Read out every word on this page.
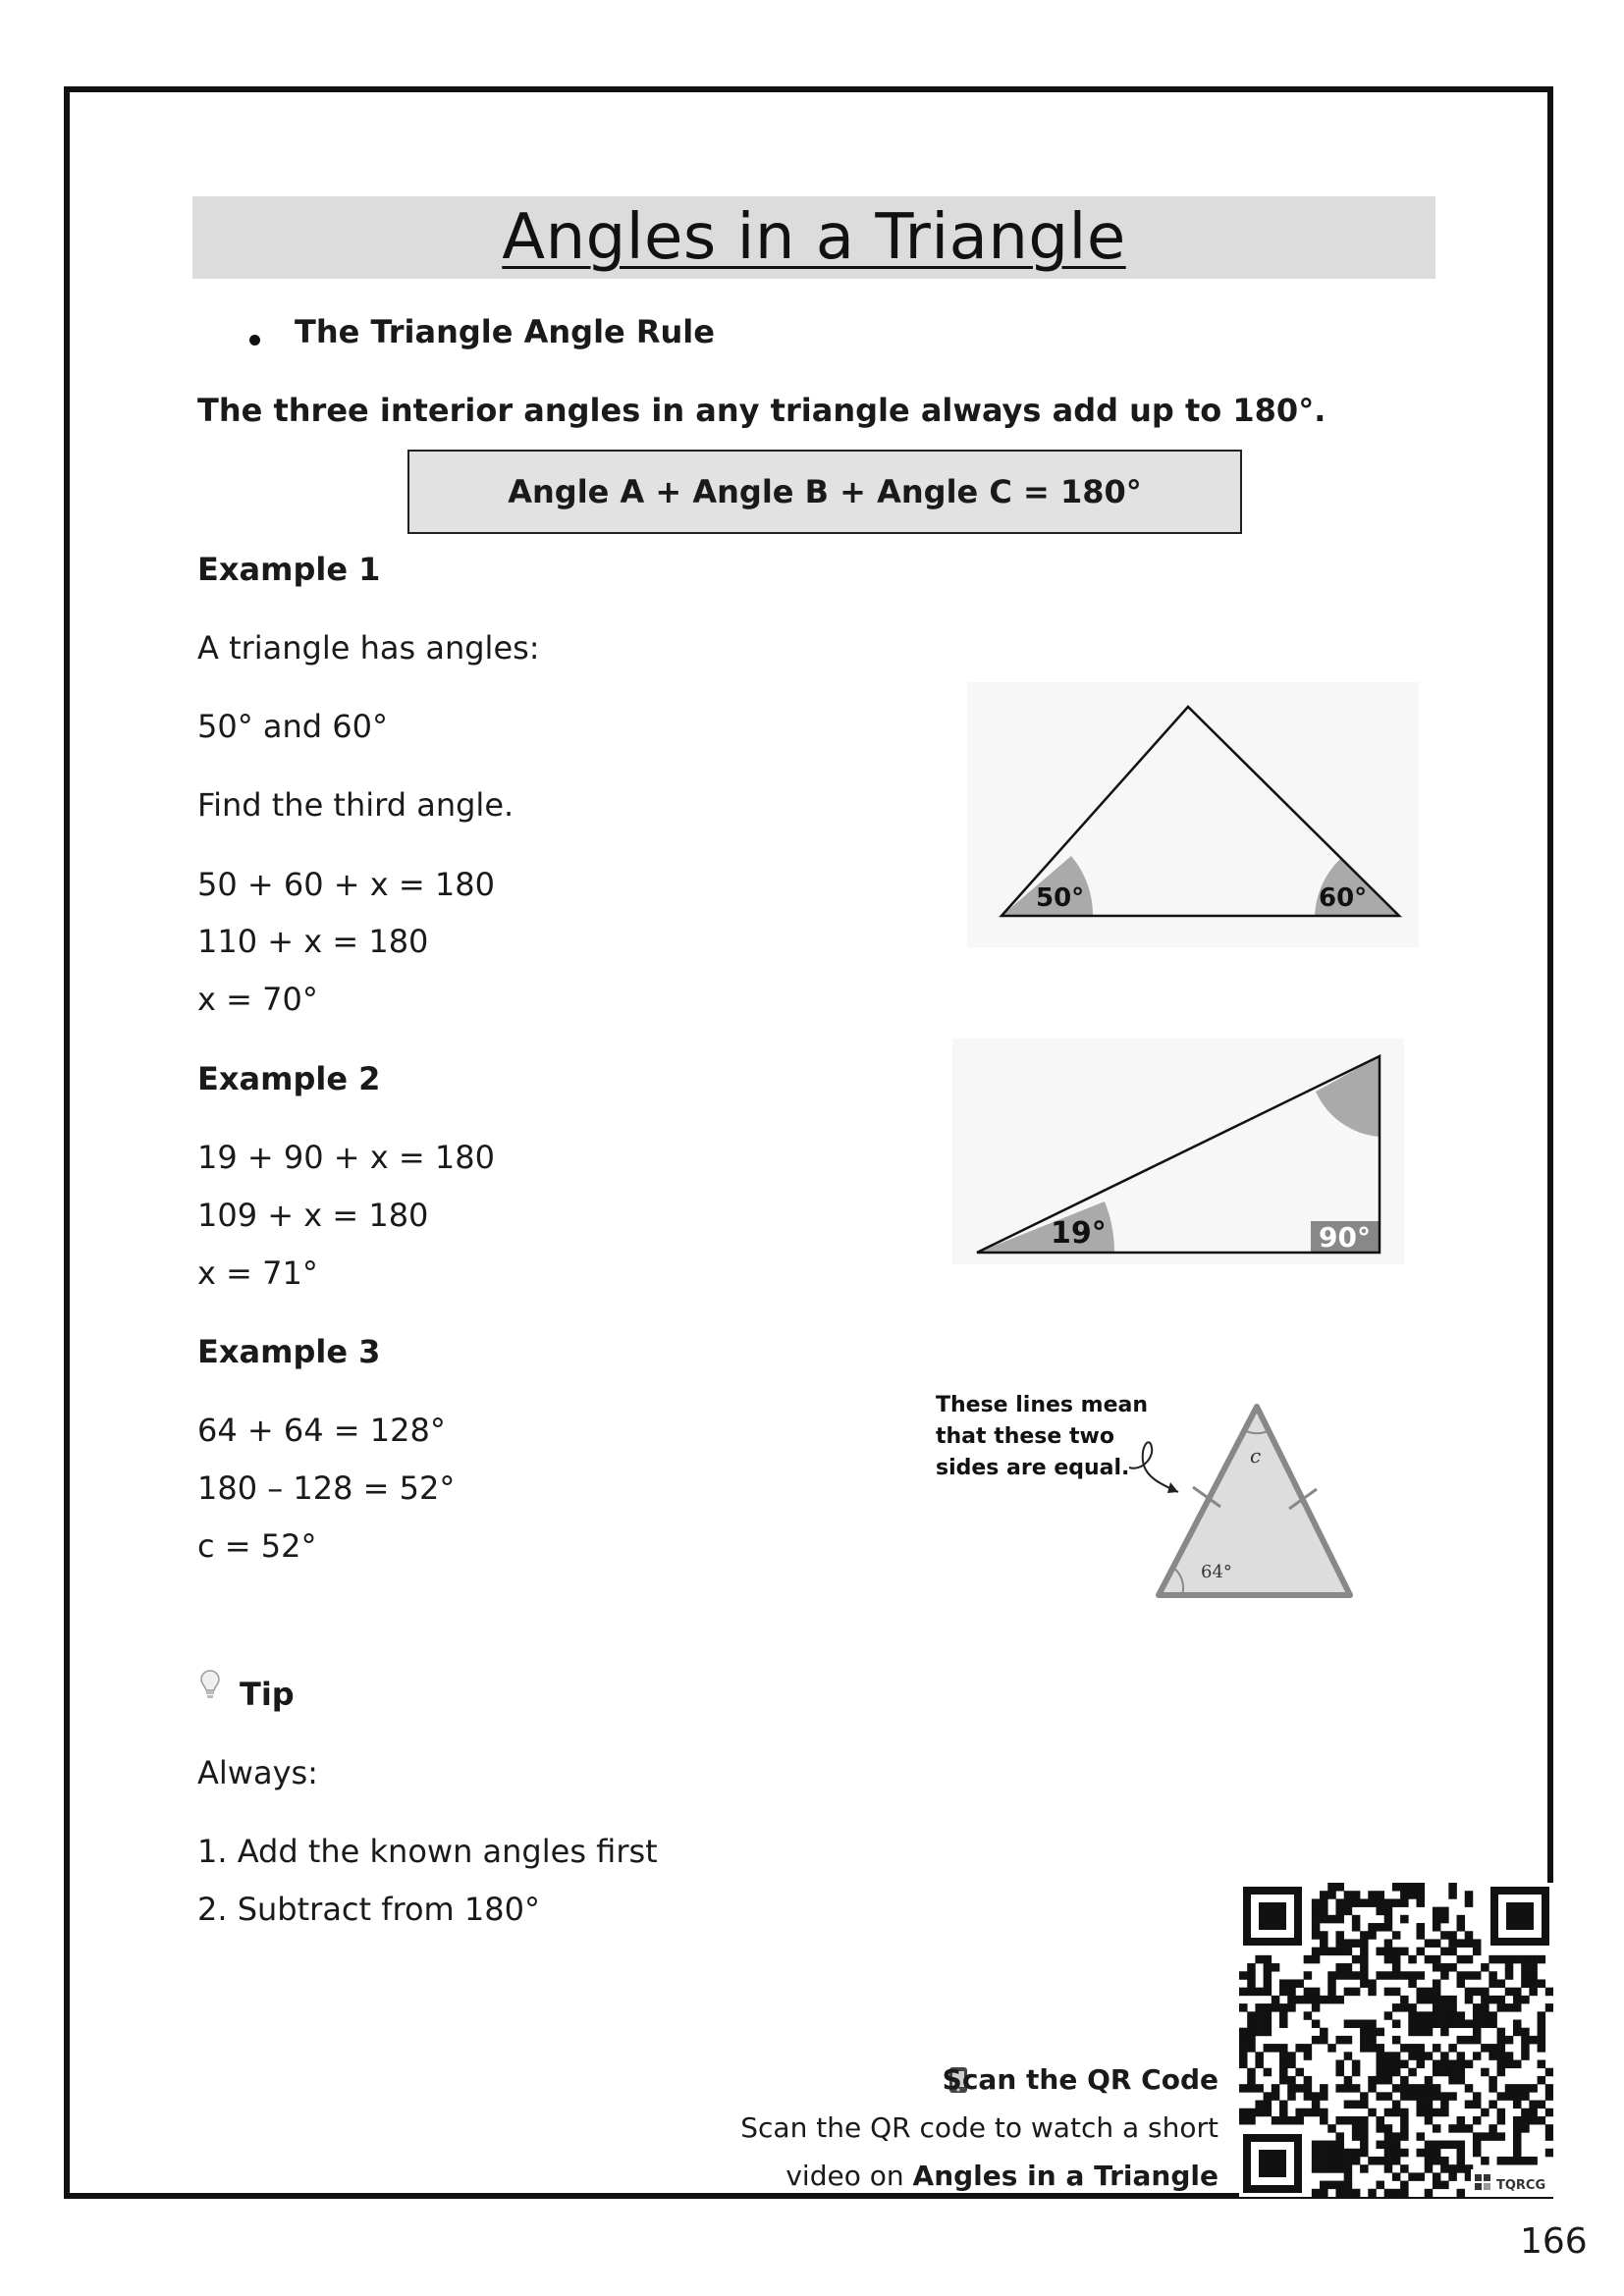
Angles in a Triangle
The Triangle Angle Rule
The three interior angles in any triangle always add up to 180°.
Angle A + Angle B + Angle C = 180°
Example 1
A triangle has angles:
50° and 60°
Find the third angle.
50 + 60 + x = 180
110 + x = 180
x = 70°
50°	60°
Example 2
19 + 90 + x = 180
109 + x = 180
x = 71°
19°	90°
Example 3
64 + 64 = 128°
180 – 128 = 52°
c = 52°
These lines mean
that these two
sides are equal.	c
64°
Tip
Always:
1. Add the known angles first
2. Subtract from 180°
Scan the QR Code
Scan the QR code to watch a short
video on Angles in a Triangle	TQRCG
166
